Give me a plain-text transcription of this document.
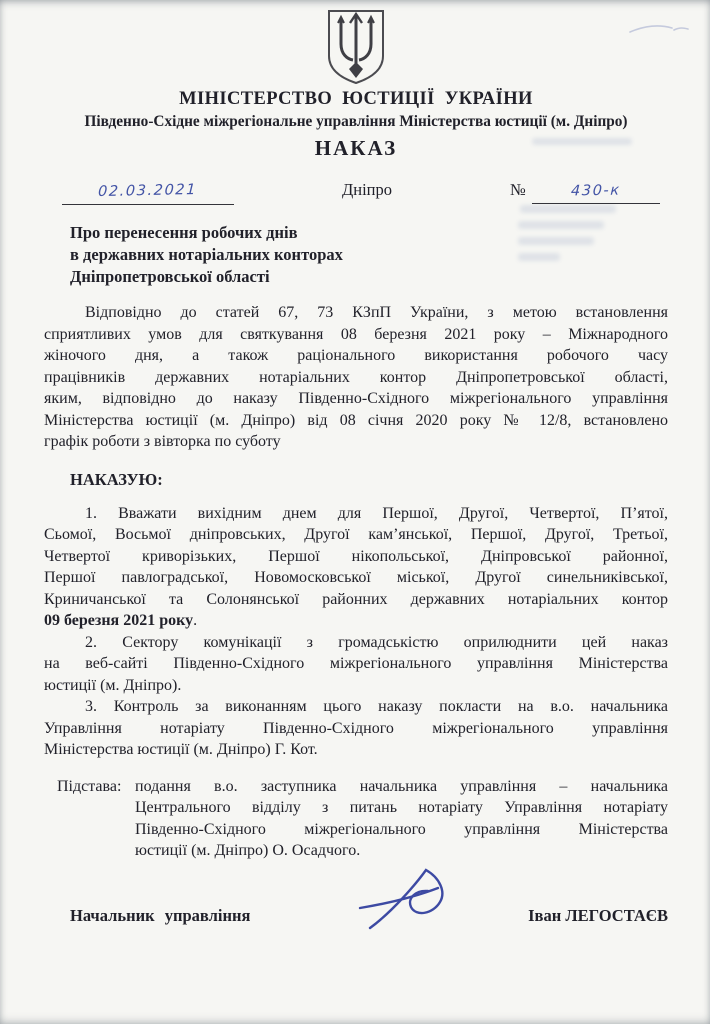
МІНІСТЕРСТВО ЮСТИЦІЇ УКРАЇНИ
Південно-Східне міжрегіональне управління Міністерства юстиції (м. Дніпро)
НАКАЗ
Дніпро
02.03.2021	№	430-к
Про перенесення робочих днів
в державних нотаріальних конторах
Дніпропетровської області
Відповідно до статей 67, 73 КЗпП України, з метою встановлення
сприятливих умов для святкування 08 березня 2021 року – Міжнародного
жіночого дня, а також раціонального використання робочого часу
працівників державних нотаріальних контор Дніпропетровської області,
яким, відповідно до наказу Південно-Східного міжрегіонального управління
Міністерства юстиції (м. Дніпро) від 08 січня 2020 року № 12/8, встановлено
графік роботи з вівторка по суботу
НАКАЗУЮ:
1. Вважати вихідним днем для Першої, Другої, Четвертої, П’ятої,
Сьомої, Восьмої дніпровських, Другої кам’янської, Першої, Другої, Третьої,
Четвертої криворізьких, Першої нікопольської, Дніпровської районної,
Першої павлоградської, Новомосковської міської, Другої синельниківської,
Криничанської та Солонянської районних державних нотаріальних контор
09 березня 2021 року.
2. Сектору комунікації з громадськістю оприлюднити цей наказ
на веб-сайті Південно-Східного міжрегіонального управління Міністерства
юстиції (м. Дніпро).
3. Контроль за виконанням цього наказу покласти на в.о. начальника
Управління нотаріату Південно-Східного міжрегіонального управління
Міністерства юстиції (м. Дніпро) Г. Кот.
Підстава: подання в.о. заступника начальника управління – начальника
Центрального відділу з питань нотаріату Управління нотаріату
Південно-Східного міжрегіонального управління Міністерства
юстиції (м. Дніпро) О. Осадчого.
Начальник управління	Іван ЛЕГОСТАЄВ
